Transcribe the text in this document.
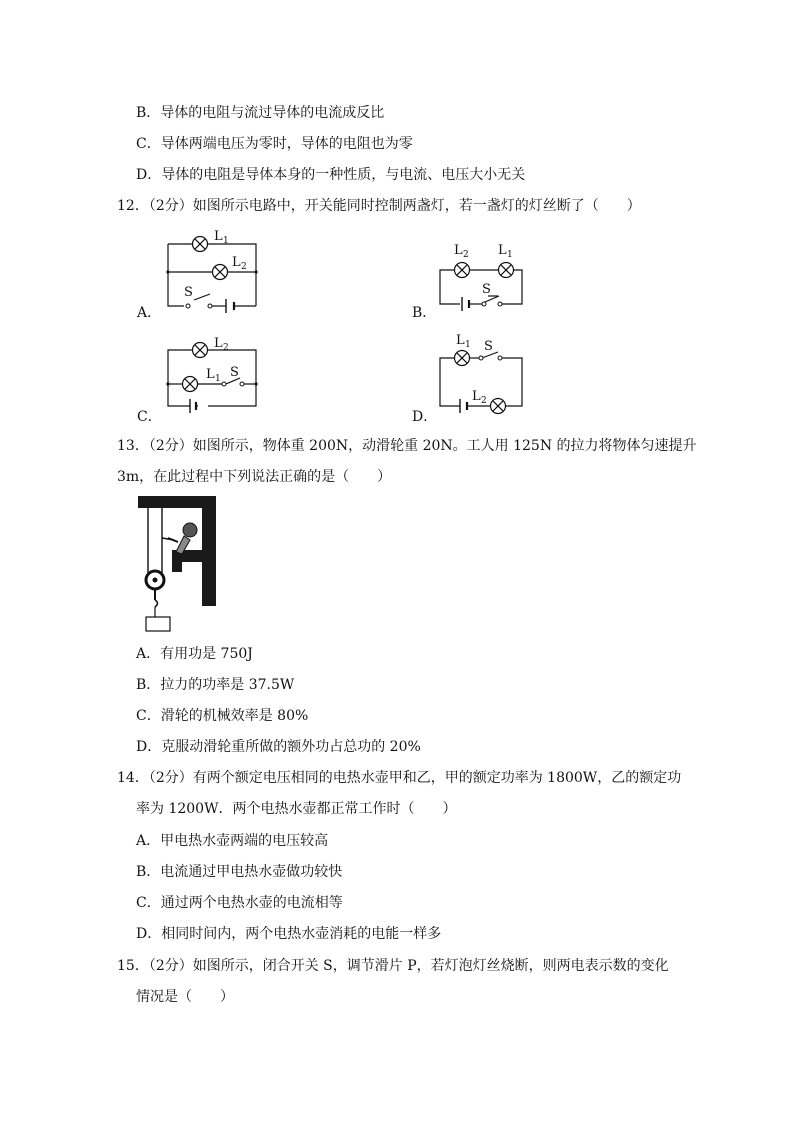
B．导体的电阻与流过导体的电流成反比
C．导体两端电压为零时，导体的电阻也为零
D．导体的电阻是导体本身的一种性质，与电流、电压大小无关
12．（2分）如图所示电路中，开关能同时控制两盏灯，若一盏灯的灯丝断了（　　）
A．
L 1
L 2
S
B．
L 2 L 1
S
C．
L 2
L 1 S
D．
L 1 S
L 2
13．（2分）如图所示，物体重 200N，动滑轮重 20N。工人用 125N 的拉力将物体匀速提升
3m，在此过程中下列说法正确的是（　　）
A．有用功是 750J
B．拉力的功率是 37.5W
C．滑轮的机械效率是 80%
D．克服动滑轮重所做的额外功占总功的 20%
14．（2分）有两个额定电压相同的电热水壶甲和乙，甲的额定功率为 1800W，乙的额定功
率为 1200W．两个电热水壶都正常工作时（　　）
A．甲电热水壶两端的电压较高
B．电流通过甲电热水壶做功较快
C．通过两个电热水壶的电流相等
D．相同时间内，两个电热水壶消耗的电能一样多
15．（2分）如图所示，闭合开关 S，调节滑片 P，若灯泡灯丝烧断，则两电表示数的变化
情况是（　　）
